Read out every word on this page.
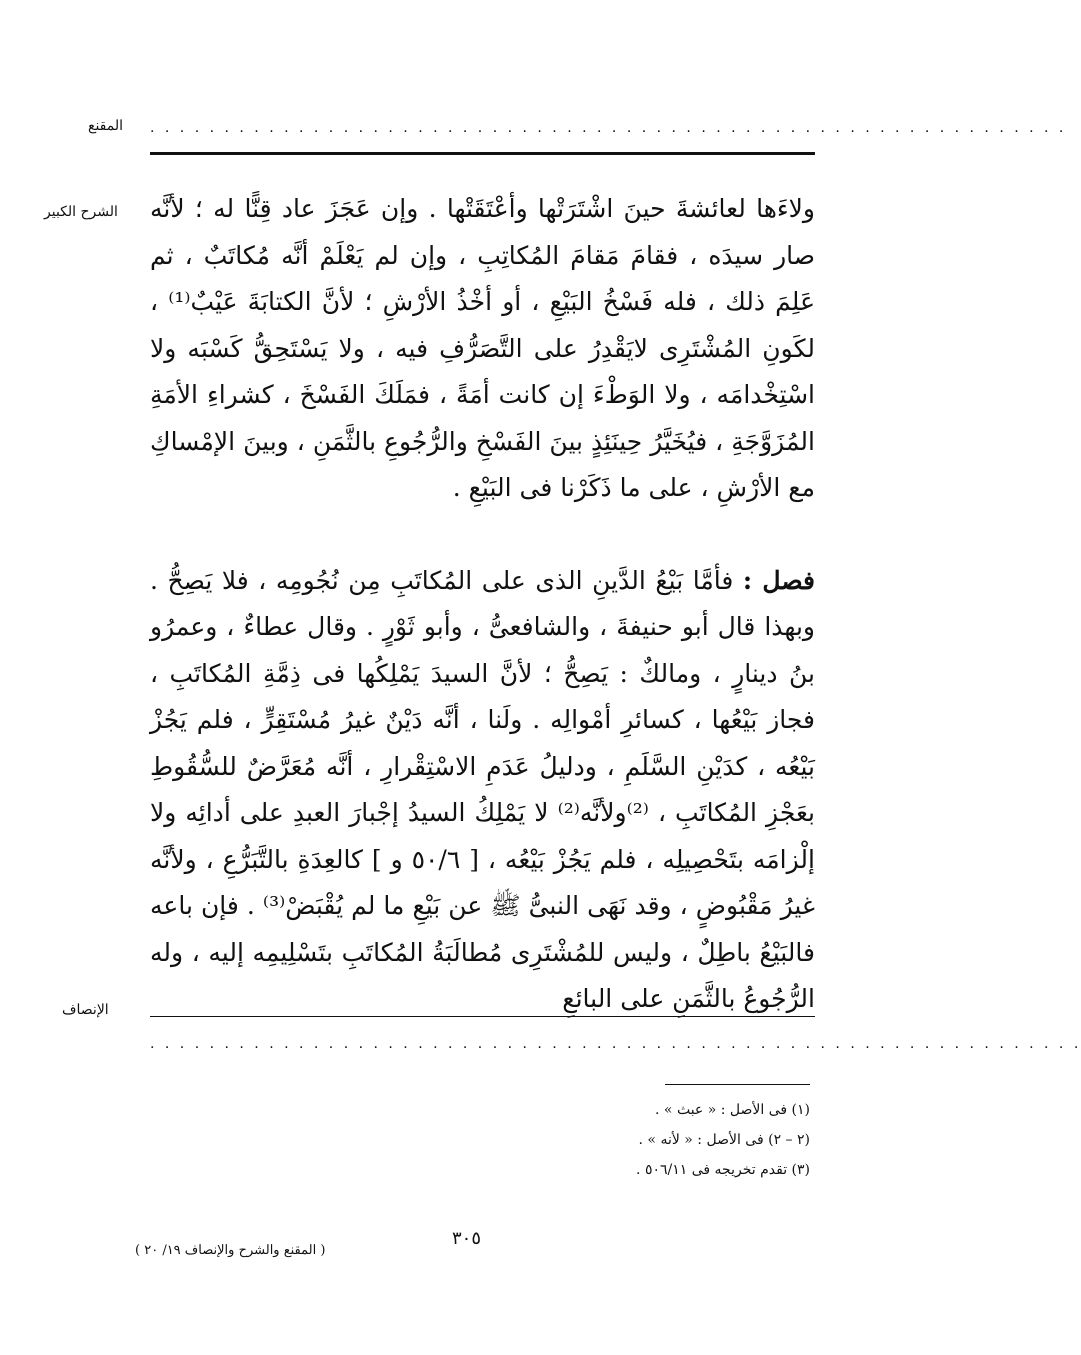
المقنع . . . . . . . . . . . . . . . . . . . . . . . . . . . . . . . . . . . . . . . . . . . . . . . . . . . . . . . . . . . . . .
الشرح الكبير ولاءَها لعائشةَ حينَ اشْتَرَتْها وأعْتَقَتْها . وإن عَجَزَ عاد قِنًّا له ؛ لأنَّه صار سيدَه ، فقامَ مَقامَ المُكاتِبِ ، وإن لم يَعْلَمْ أنَّه مُكاتَبٌ ، ثم عَلِمَ ذلك ، فله فَسْخُ البَيْعِ ، أو أخْذُ الأرْشِ ؛ لأنَّ الكتابَةَ عَيْبٌ⁽¹⁾ ، لكَونِ المُشْتَرِى لايَقْدِرُ على التَّصَرُّفِ فيه ، ولا يَسْتَحِقُّ كَسْبَه ولا اسْتِخْدامَه ، ولا الوَطْءَ إن كانت أمَةً ، فمَلَكَ الفَسْخَ ، كشراءِ الأمَةِ المُزَوَّجَةِ ، فيُخَيَّرُ حِينَئِذٍ بينَ الفَسْخِ والرُّجُوعِ بالثَّمَنِ ، وبينَ الإمْساكِ مع الأرْشِ ، على ما ذَكَرْنا فى البَيْعِ .

فصل : فأمَّا بَيْعُ الدَّينِ الذى على المُكاتَبِ مِن نُجُومِه ، فلا يَصِحُّ . وبهذا قال أبو حنيفةَ ، والشافعىُّ ، وأبو ثَوْرٍ . وقال عطاءٌ ، وعمرُو بنُ دينارٍ ، ومالكٌ : يَصِحُّ ؛ لأنَّ السيدَ يَمْلِكُها فى ذِمَّةِ المُكاتَبِ ، فجاز بَيْعُها ، كسائرِ أمْوالِه . ولَنا ، أنَّه دَيْنٌ غيرُ مُسْتَقِرٍّ ، فلم يَجُزْ بَيْعُه ، كدَيْنِ السَّلَمِ ، ودليلُ عَدَمِ الاسْتِقْرارِ ، أنَّه مُعَرَّضٌ للسُّقُوطِ بعَجْزِ المُكاتَبِ ، ⁽²⁾ولأنَّه⁽²⁾ لا يَمْلِكُ السيدُ إجْبارَ العبدِ على أدائِه ولا إلْزامَه بتَحْصِيلِه ، فلم يَجُزْ بَيْعُه ، [ ٥٠/٦ و ] كالعِدَةِ بالتَّبَرُّعِ ، ولأنَّه غيرُ مَقْبُوضٍ ، وقد نَهَى النبىُّ ﷺ عن بَيْعِ ما لم يُقْبَضْ⁽³⁾ . فإن باعه فالبَيْعُ باطِلٌ ، وليس للمُشْتَرِى مُطالَبَةُ المُكاتَبِ بتَسْلِيمِه إليه ، وله الرُّجُوعُ بالثَّمَنِ على البائعِ

الإنصاف
. . . . . . . . . . . . . . . . . . . . . . . . . . . . . . . . . . . . . . . . . . . . . . . . . . . . . . . . . . . . . . .
(١) فى الأصل : « عبث » .
(٢ – ٢) فى الأصل : « لأنه » .
(٣) تقدم تخريجه فى ٥٠٦/١١ .
( المقنع والشرح والإنصاف ١٩/ ٢٠ )
٣٠٥
